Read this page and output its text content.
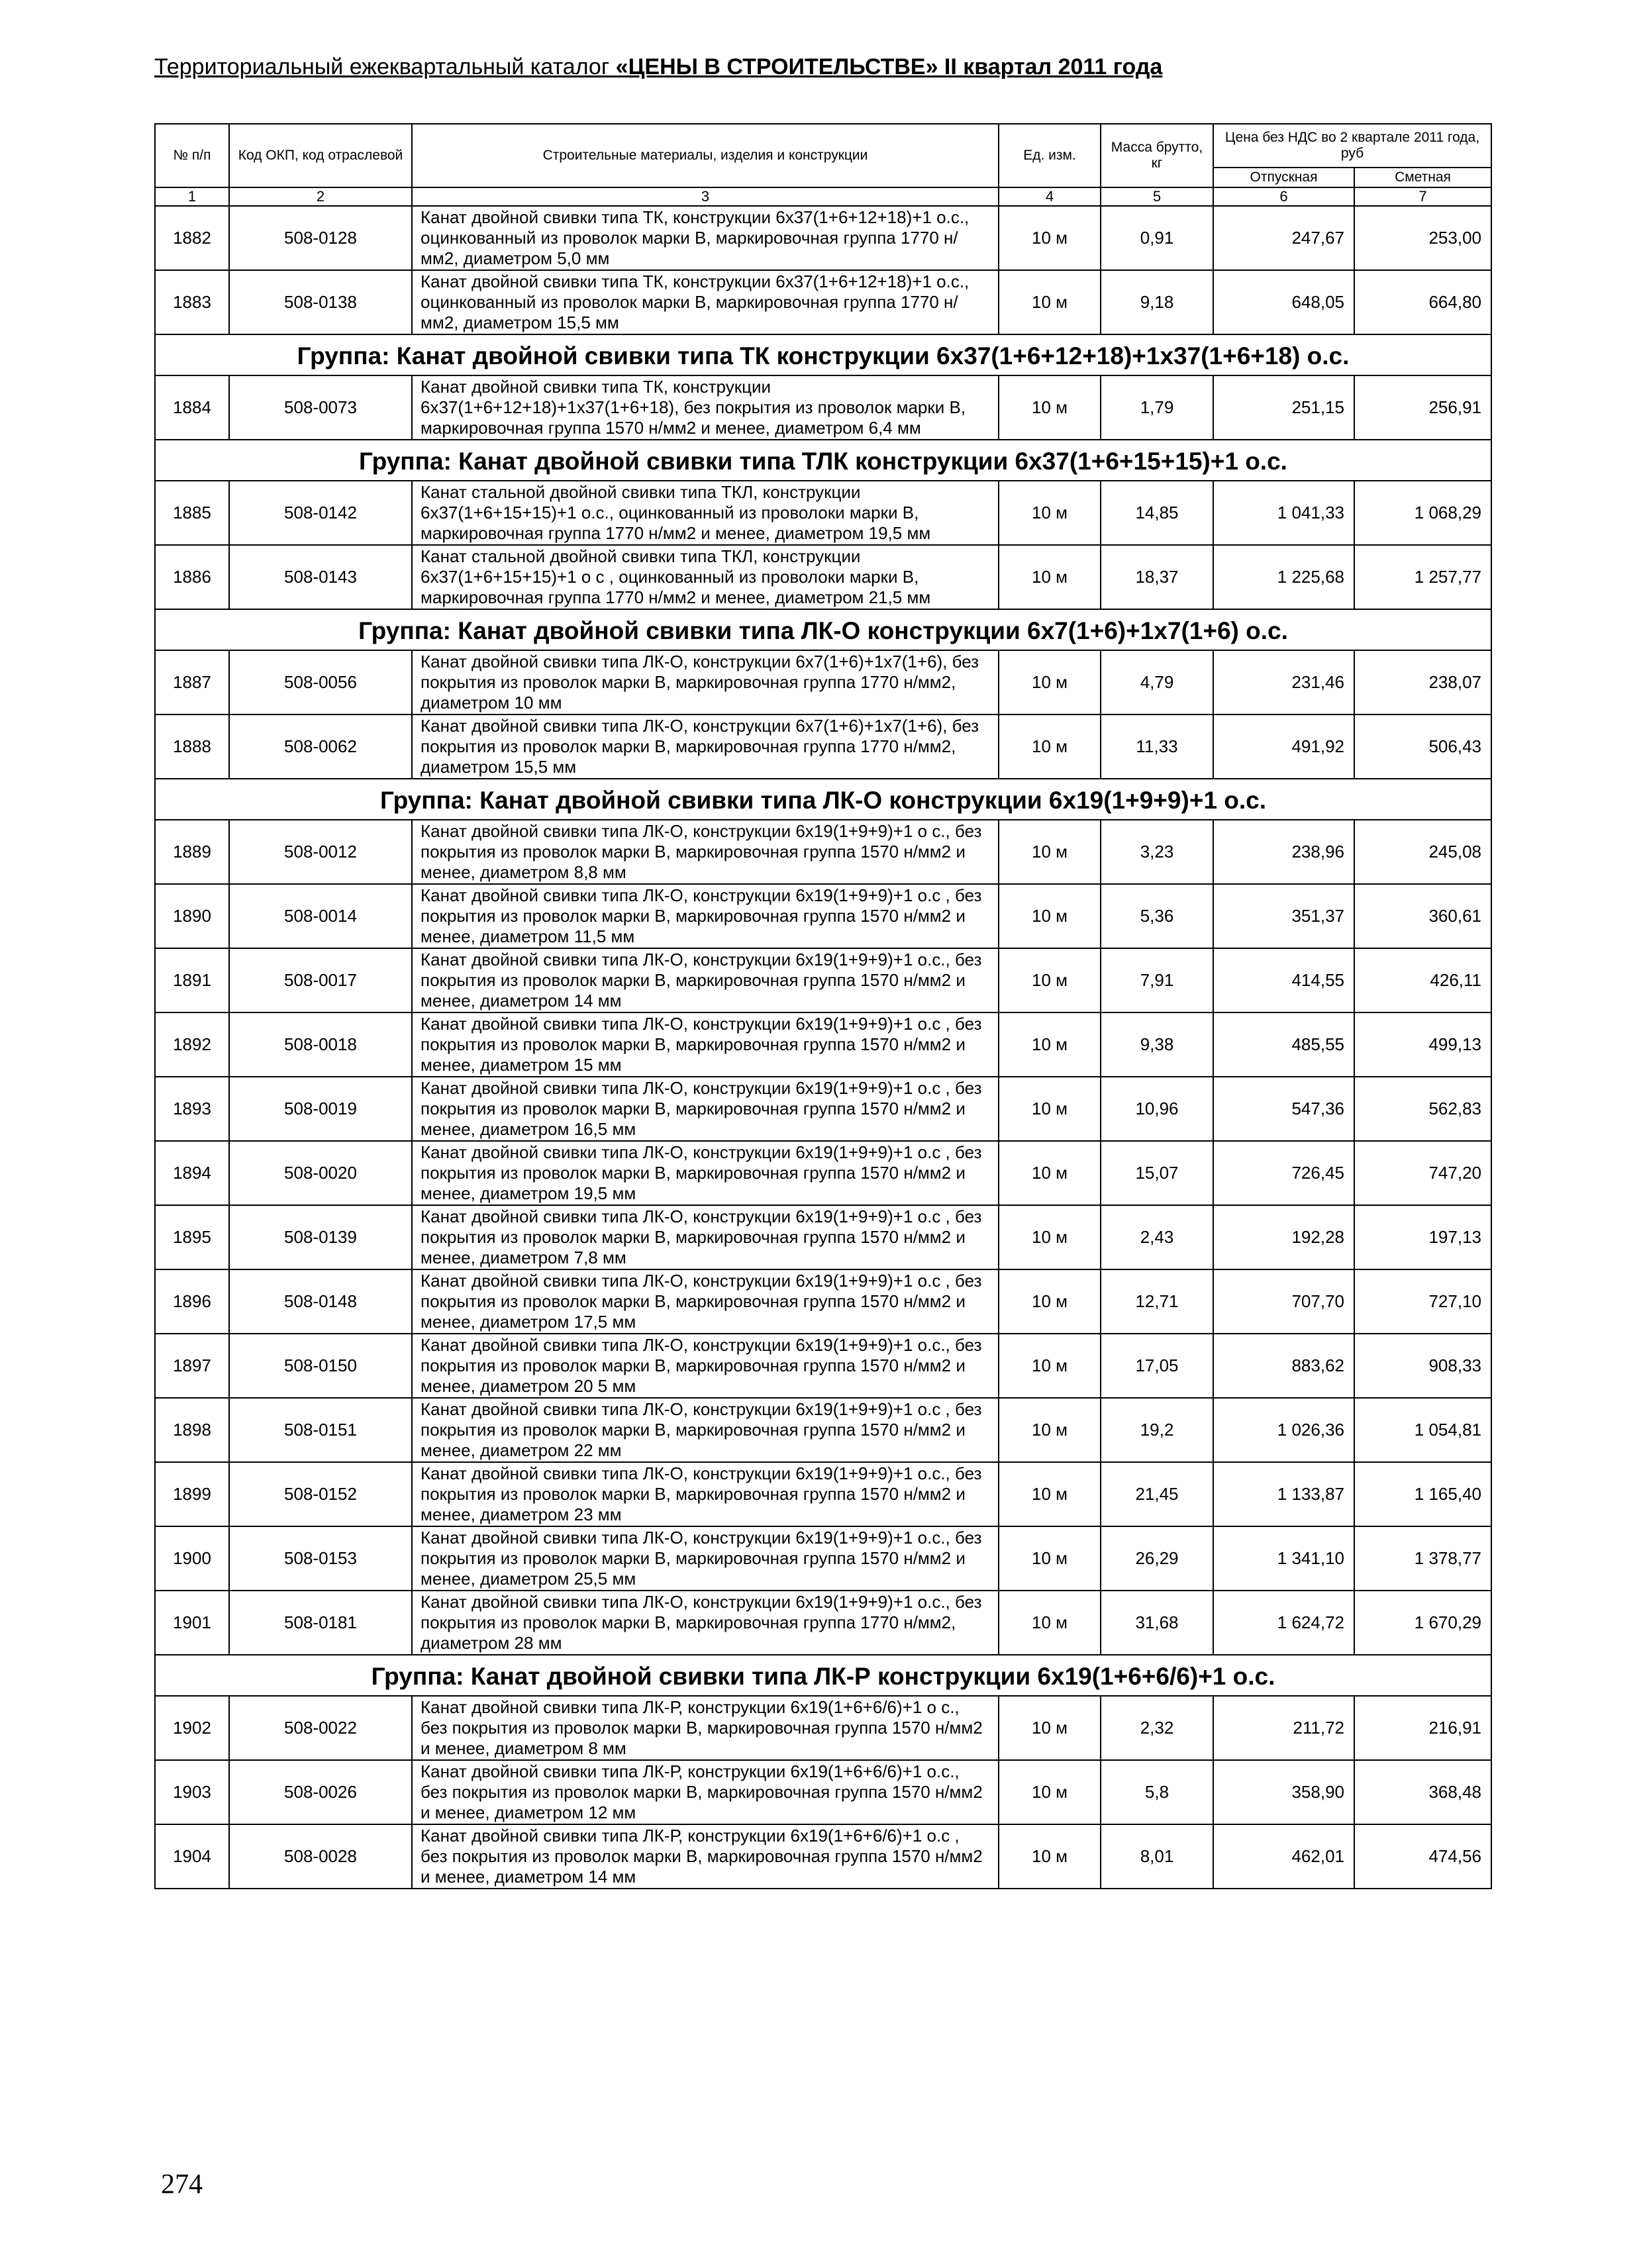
Территориальный ежеквартальный каталог «ЦЕНЫ В СТРОИТЕЛЬСТВЕ» II квартал 2011 года
№ п/п	Код ОКП, код отраслевой	Строительные материалы, изделия и конструкции	Ед. изм.	Масса брутто, кг	Цена без НДС во 2 квартале 2011 года, руб	
					Отпускная	Сметная
1	2	3	4	5	6	7
1882	508-0128	Канат двойной свивки типа ТК, конструкции 6х37(1+6+12+18)+1 о.с., оцинкованный из проволок марки В, маркировочная группа 1770 н/мм2, диаметром 5,0 мм	10 м	0,91	247,67	253,00
1883	508-0138	Канат двойной свивки типа ТК, конструкции 6х37(1+6+12+18)+1 о.с., оцинкованный из проволок марки В, маркировочная группа 1770 н/мм2, диаметром 15,5 мм	10 м	9,18	648,05	664,80
Группа: Канат двойной свивки типа ТК конструкции 6х37(1+6+12+18)+1х37(1+6+18) о.с.						
1884	508-0073	Канат двойной свивки типа ТК, конструкции 6х37(1+6+12+18)+1х37(1+6+18), без покрытия из проволок марки В, маркировочная группа 1570 н/мм2 и менее, диаметром 6,4 мм	10 м	1,79	251,15	256,91
Группа: Канат двойной свивки типа ТЛК конструкции 6х37(1+6+15+15)+1 о.с.						
1885	508-0142	Канат стальной двойной свивки типа ТКЛ, конструкции 6х37(1+6+15+15)+1 о.с., оцинкованный из проволоки марки В, маркировочная группа 1770 н/мм2 и менее, диаметром 19,5 мм	10 м	14,85	1 041,33	1 068,29
1886	508-0143	Канат стальной двойной свивки типа ТКЛ, конструкции 6х37(1+6+15+15)+1 о с , оцинкованный из проволоки марки В, маркировочная группа 1770 н/мм2 и менее, диаметром 21,5 мм	10 м	18,37	1 225,68	1 257,77
Группа: Канат двойной свивки типа ЛК-О конструкции 6х7(1+6)+1х7(1+6) о.с.						
1887	508-0056	Канат двойной свивки типа ЛК-О, конструкции 6х7(1+6)+1х7(1+6), без покрытия из проволок марки В, маркировочная группа 1770 н/мм2, диаметром 10 мм	10 м	4,79	231,46	238,07
1888	508-0062	Канат двойной свивки типа ЛК-О, конструкции 6х7(1+6)+1х7(1+6), без покрытия из проволок марки В, маркировочная группа 1770 н/мм2, диаметром 15,5 мм	10 м	11,33	491,92	506,43
Группа: Канат двойной свивки типа ЛК-О конструкции 6х19(1+9+9)+1 о.с.						
1889	508-0012	Канат двойной свивки типа ЛК-О, конструкции 6х19(1+9+9)+1 о с., без покрытия из проволок марки В, маркировочная группа 1570 н/мм2 и менее, диаметром 8,8 мм	10 м	3,23	238,96	245,08
1890	508-0014	Канат двойной свивки типа ЛК-О, конструкции 6х19(1+9+9)+1 о.с , без покрытия из проволок марки В, маркировочная группа 1570 н/мм2 и менее, диаметром 11,5 мм	10 м	5,36	351,37	360,61
1891	508-0017	Канат двойной свивки типа ЛК-О, конструкции 6х19(1+9+9)+1 о.с., без покрытия из проволок марки В, маркировочная группа 1570 н/мм2 и менее, диаметром 14 мм	10 м	7,91	414,55	426,11
1892	508-0018	Канат двойной свивки типа ЛК-О, конструкции 6х19(1+9+9)+1 о.с , без покрытия из проволок марки В, маркировочная группа 1570 н/мм2 и менее, диаметром 15 мм	10 м	9,38	485,55	499,13
1893	508-0019	Канат двойной свивки типа ЛК-О, конструкции 6х19(1+9+9)+1 о.с , без покрытия из проволок марки В, маркировочная группа 1570 н/мм2 и менее, диаметром 16,5 мм	10 м	10,96	547,36	562,83
1894	508-0020	Канат двойной свивки типа ЛК-О, конструкции 6х19(1+9+9)+1 о.с , без покрытия из проволок марки В, маркировочная группа 1570 н/мм2 и менее, диаметром 19,5 мм	10 м	15,07	726,45	747,20
1895	508-0139	Канат двойной свивки типа ЛК-О, конструкции 6х19(1+9+9)+1 о.с , без покрытия из проволок марки В, маркировочная группа 1570 н/мм2 и менее, диаметром 7,8 мм	10 м	2,43	192,28	197,13
1896	508-0148	Канат двойной свивки типа ЛК-О, конструкции 6х19(1+9+9)+1 о.с , без покрытия из проволок марки В, маркировочная группа 1570 н/мм2 и менее, диаметром 17,5 мм	10 м	12,71	707,70	727,10
1897	508-0150	Канат двойной свивки типа ЛК-О, конструкции 6х19(1+9+9)+1 о.с., без покрытия из проволок марки В, маркировочная группа 1570 н/мм2 и менее, диаметром 20 5 мм	10 м	17,05	883,62	908,33
1898	508-0151	Канат двойной свивки типа ЛК-О, конструкции 6х19(1+9+9)+1 о.с , без покрытия из проволок марки В, маркировочная группа 1570 н/мм2 и менее, диаметром 22 мм	10 м	19,2	1 026,36	1 054,81
1899	508-0152	Канат двойной свивки типа ЛК-О, конструкции 6х19(1+9+9)+1 о.с., без покрытия из проволок марки В, маркировочная группа 1570 н/мм2 и менее, диаметром 23 мм	10 м	21,45	1 133,87	1 165,40
1900	508-0153	Канат двойной свивки типа ЛК-О, конструкции 6х19(1+9+9)+1 о.с., без покрытия из проволок марки В, маркировочная группа 1570 н/мм2 и менее, диаметром 25,5 мм	10 м	26,29	1 341,10	1 378,77
1901	508-0181	Канат двойной свивки типа ЛК-О, конструкции 6х19(1+9+9)+1 о.с., без покрытия из проволок марки В, маркировочная группа 1770 н/мм2, диаметром 28 мм	10 м	31,68	1 624,72	1 670,29
Группа: Канат двойной свивки типа ЛК-Р конструкции 6х19(1+6+6/6)+1 о.с.						
1902	508-0022	Канат двойной свивки типа ЛК-Р, конструкции 6х19(1+6+6/6)+1 о с., без покрытия из проволок марки В, маркировочная группа 1570 н/мм2 и менее, диаметром 8 мм	10 м	2,32	211,72	216,91
1903	508-0026	Канат двойной свивки типа ЛК-Р, конструкции 6х19(1+6+6/6)+1 о.с., без покрытия из проволок марки В, маркировочная группа 1570 н/мм2 и менее, диаметром 12 мм	10 м	5,8	358,90	368,48
1904	508-0028	Канат двойной свивки типа ЛК-Р, конструкции 6х19(1+6+6/6)+1 о.с , без покрытия из проволок марки В, маркировочная группа 1570 н/мм2 и менее, диаметром 14 мм	10 м	8,01	462,01	474,56
274
